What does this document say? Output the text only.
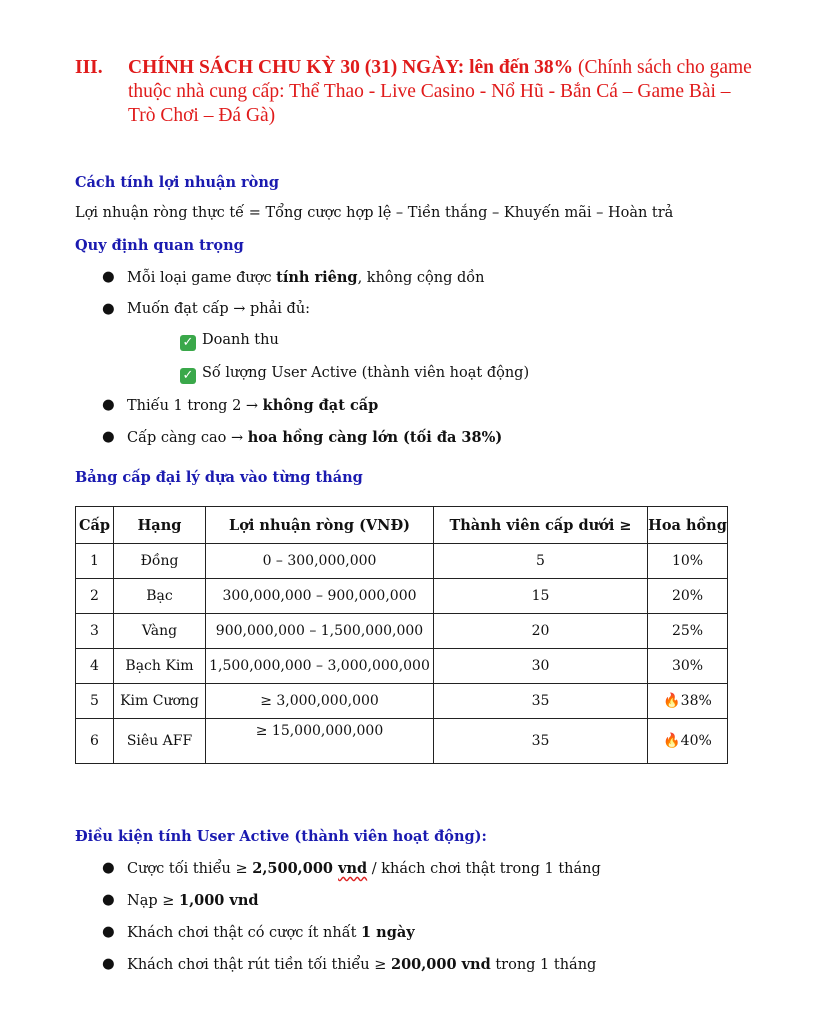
III. CHÍNH SÁCH CHU KỲ 30 (31) NGÀY: lên đến 38% (Chính sách cho game thuộc nhà cung cấp: Thể Thao - Live Casino - Nổ Hũ - Bắn Cá – Game Bài – Trò Chơi – Đá Gà)
Cách tính lợi nhuận ròng
Lợi nhuận ròng thực tế = Tổng cược hợp lệ – Tiền thắng – Khuyến mãi – Hoàn trả
Quy định quan trọng
● Mỗi loại game được tính riêng, không cộng dồn
● Muốn đạt cấp → phải đủ:
✓ Doanh thu
✓ Số lượng User Active (thành viên hoạt động)
● Thiếu 1 trong 2 → không đạt cấp
● Cấp càng cao → hoa hồng càng lớn (tối đa 38%)
Bảng cấp đại lý dựa vào từng tháng
Cấp	Hạng	Lợi nhuận ròng (VNĐ)	Thành viên cấp dưới ≥	Hoa hồng
1	Đồng	0 – 300,000,000	5	10%
2	Bạc	300,000,000 – 900,000,000	15	20%
3	Vàng	900,000,000 – 1,500,000,000	20	25%
4	Bạch Kim	1,500,000,000 – 3,000,000,000	30	30%
5	Kim Cương	≥ 3,000,000,000	35	🔥38%
6	Siêu AFF	≥ 15,000,000,000	35	🔥40%
Điều kiện tính User Active (thành viên hoạt động):
● Cược tối thiểu ≥ 2,500,000 vnd / khách chơi thật trong 1 tháng
● Nạp ≥ 1,000 vnd
● Khách chơi thật có cược ít nhất 1 ngày
● Khách chơi thật rút tiền tối thiểu ≥ 200,000 vnd trong 1 tháng
